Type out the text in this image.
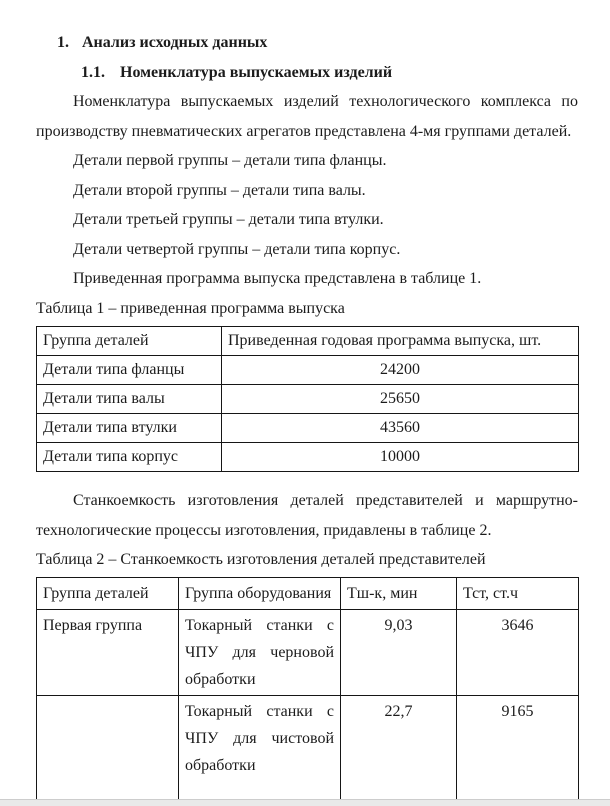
1. Анализ исходных данных
1.1. Номенклатура выпускаемых изделий

Номенклатура выпускаемых изделий технологического комплекса по производству пневматических агрегатов представлена 4-мя группами деталей.

Детали первой группы – детали типа фланцы.

Детали второй группы – детали типа валы.

Детали третьей группы – детали типа втулки.

Детали четвертой группы – детали типа корпус.

Приведенная программа выпуска представлена в таблице 1.

Таблица 1 – приведенная программа выпуска

Группа деталей	Приведенная годовая программа выпуска, шт.
Детали типа фланцы	24200
Детали типа валы	25650
Детали типа втулки	43560
Детали типа корпус	10000

Станкоемкость изготовления деталей представителей и маршрутно-технологические процессы изготовления, придавлены в таблице 2.

Таблица 2 – Станкоемкость изготовления деталей представителей

Группа деталей	Группа оборудования	Тш-к, мин	Тст, ст.ч
Первая группа	Токарный станки с ЧПУ для черновой обработки	9,03	3646
	Токарный станки с ЧПУ для чистовой обработки	22,7	9165
